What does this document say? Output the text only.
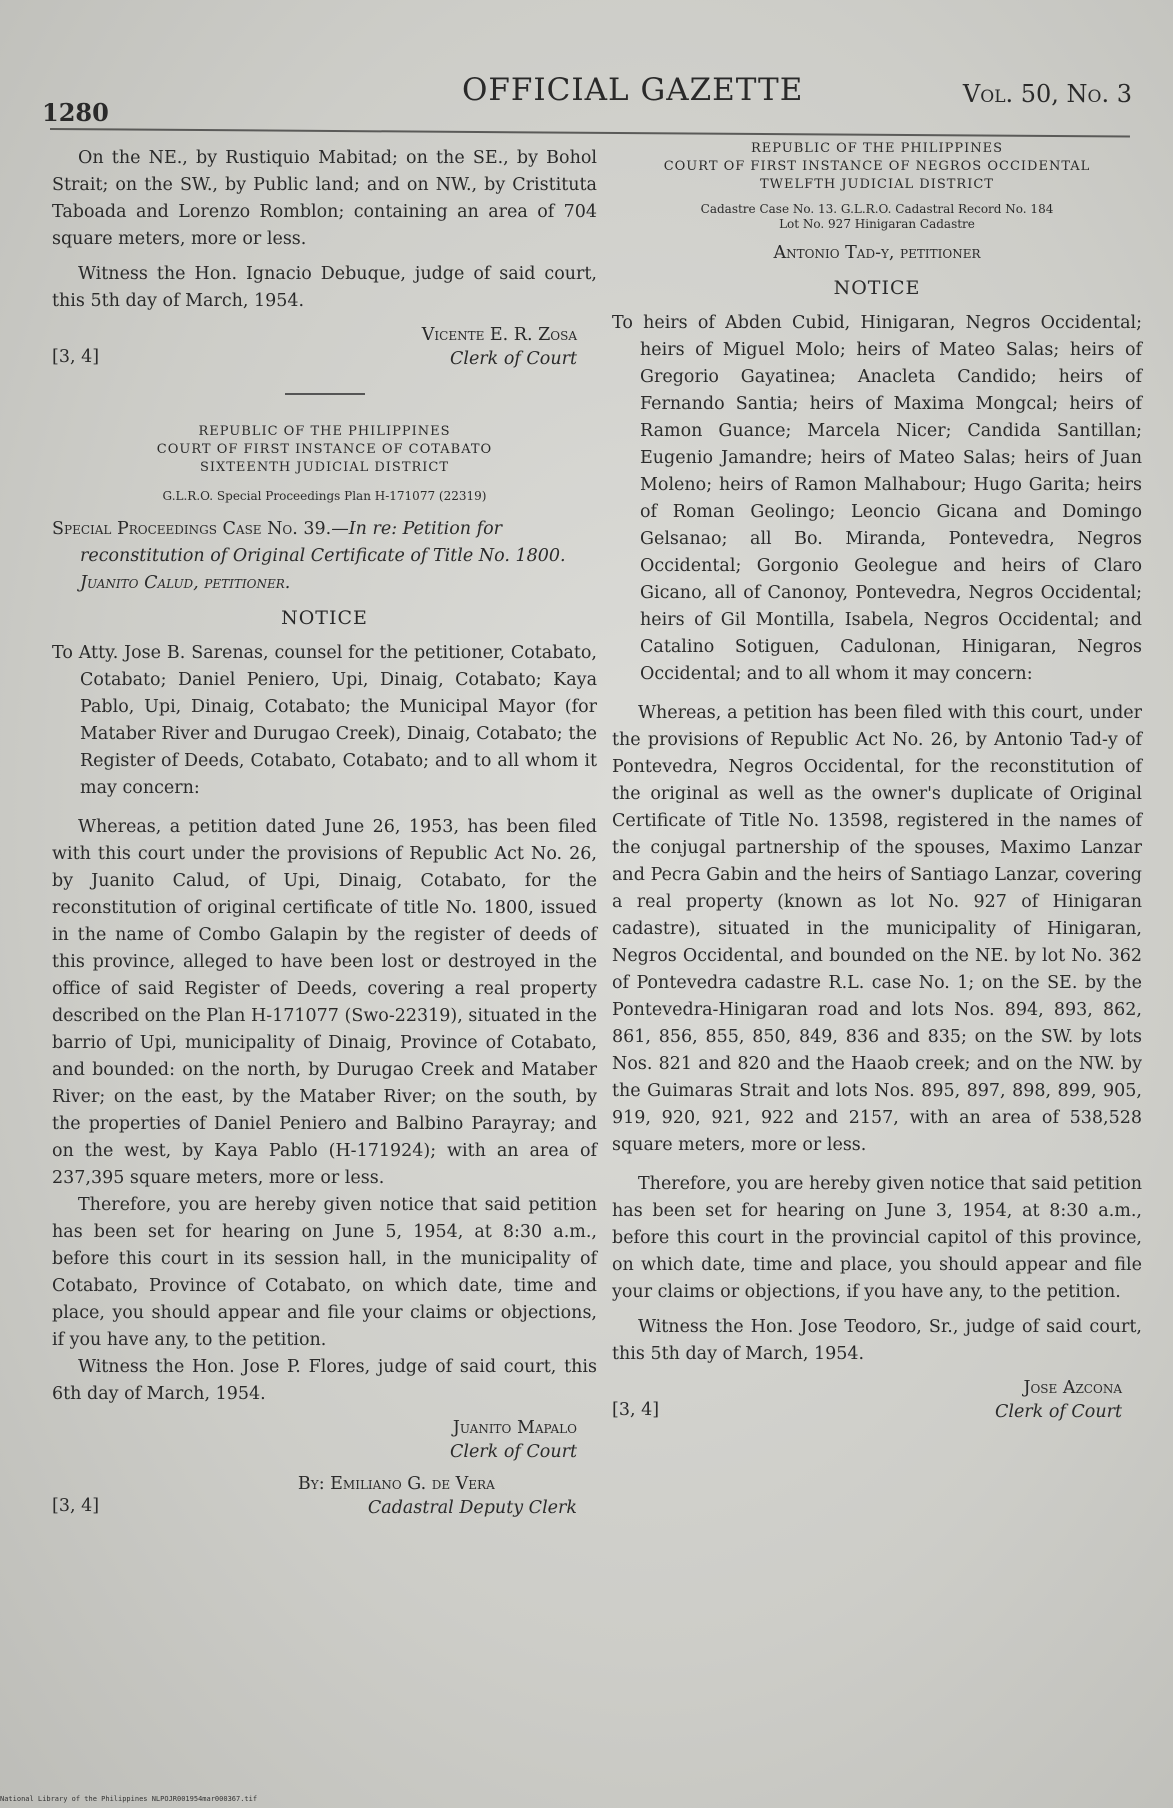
1280
OFFICIAL GAZETTE	Vol. 50, No. 3

On the NE., by Rustiquio Mabitad; on the SE., by Bohol Strait; on the SW., by Public land; and on NW., by Cristituta Taboada and Lorenzo Romblon; containing an area of 704 square meters, more or less.

Witness the Hon. Ignacio Debuque, judge of said court, this 5th day of March, 1954.

[3, 4]
Vicente E. R. Zosa
Clerk of Court
REPUBLIC OF THE PHILIPPINES
COURT OF FIRST INSTANCE OF COTABATO
SIXTEENTH JUDICIAL DISTRICT
G.L.R.O. Special Proceedings Plan H-171077 (22319)

Special Proceedings Case No. 39.—In re: Petition for reconstitution of Original Certificate of Title No. 1800. Juanito Calud, petitioner.

NOTICE

To Atty. Jose B. Sarenas, counsel for the petitioner, Cotabato, Cotabato; Daniel Peniero, Upi, Dinaig, Cotabato; Kaya Pablo, Upi, Dinaig, Cotabato; the Municipal Mayor (for Mataber River and Durugao Creek), Dinaig, Cotabato; the Register of Deeds, Cotabato, Cotabato; and to all whom it may concern:

Whereas, a petition dated June 26, 1953, has been filed with this court under the provisions of Republic Act No. 26, by Juanito Calud, of Upi, Dinaig, Cotabato, for the reconstitution of original certificate of title No. 1800, issued in the name of Combo Galapin by the register of deeds of this province, alleged to have been lost or destroyed in the office of said Register of Deeds, covering a real property described on the Plan H-171077 (Swo-22319), situated in the barrio of Upi, municipality of Dinaig, Province of Cotabato, and bounded: on the north, by Durugao Creek and Mataber River; on the east, by the Mataber River; on the south, by the properties of Daniel Peniero and Balbino Parayray; and on the west, by Kaya Pablo (H-171924); with an area of 237,395 square meters, more or less.

Therefore, you are hereby given notice that said petition has been set for hearing on June 5, 1954, at 8:30 a.m., before this court in its session hall, in the municipality of Cotabato, Province of Cotabato, on which date, time and place, you should appear and file your claims or objections, if you have any, to the petition.

Witness the Hon. Jose P. Flores, judge of said court, this 6th day of March, 1954.

Juanito Mapalo
Clerk of Court
[3, 4]
By: Emiliano G. de Vera
Cadastral Deputy Clerk
REPUBLIC OF THE PHILIPPINES
COURT OF FIRST INSTANCE OF NEGROS OCCIDENTAL
TWELFTH JUDICIAL DISTRICT
Cadastre Case No. 13. G.L.R.O. Cadastral Record No. 184
Lot No. 927 Hinigaran Cadastre
Antonio Tad-y, petitioner
NOTICE

To heirs of Abden Cubid, Hinigaran, Negros Occidental; heirs of Miguel Molo; heirs of Mateo Salas; heirs of Gregorio Gayatinea; Anacleta Candido; heirs of Fernando Santia; heirs of Maxima Mongcal; heirs of Ramon Guance; Marcela Nicer; Candida Santillan; Eugenio Jamandre; heirs of Mateo Salas; heirs of Juan Moleno; heirs of Ramon Malhabour; Hugo Garita; heirs of Roman Geolingo; Leoncio Gicana and Domingo Gelsanao; all Bo. Miranda, Pontevedra, Negros Occidental; Gorgonio Geolegue and heirs of Claro Gicano, all of Canonoy, Pontevedra, Negros Occidental; heirs of Gil Montilla, Isabela, Negros Occidental; and Catalino Sotiguen, Cadulonan, Hinigaran, Negros Occidental; and to all whom it may concern:

Whereas, a petition has been filed with this court, under the provisions of Republic Act No. 26, by Antonio Tad-y of Pontevedra, Negros Occidental, for the reconstitution of the original as well as the owner's duplicate of Original Certificate of Title No. 13598, registered in the names of the conjugal partnership of the spouses, Maximo Lanzar and Pecra Gabin and the heirs of Santiago Lanzar, covering a real property (known as lot No. 927 of Hinigaran cadastre), situated in the municipality of Hinigaran, Negros Occidental, and bounded on the NE. by lot No. 362 of Pontevedra cadastre R.L. case No. 1; on the SE. by the Pontevedra-Hinigaran road and lots Nos. 894, 893, 862, 861, 856, 855, 850, 849, 836 and 835; on the SW. by lots Nos. 821 and 820 and the Haaob creek; and on the NW. by the Guimaras Strait and lots Nos. 895, 897, 898, 899, 905, 919, 920, 921, 922 and 2157, with an area of 538,528 square meters, more or less.

Therefore, you are hereby given notice that said petition has been set for hearing on June 3, 1954, at 8:30 a.m., before this court in the provincial capitol of this province, on which date, time and place, you should appear and file your claims or objections, if you have any, to the petition.

Witness the Hon. Jose Teodoro, Sr., judge of said court, this 5th day of March, 1954.

[3, 4]
Jose Azcona
Clerk of Court
National Library of the Philippines NLPOJR001954mar000367.tif
